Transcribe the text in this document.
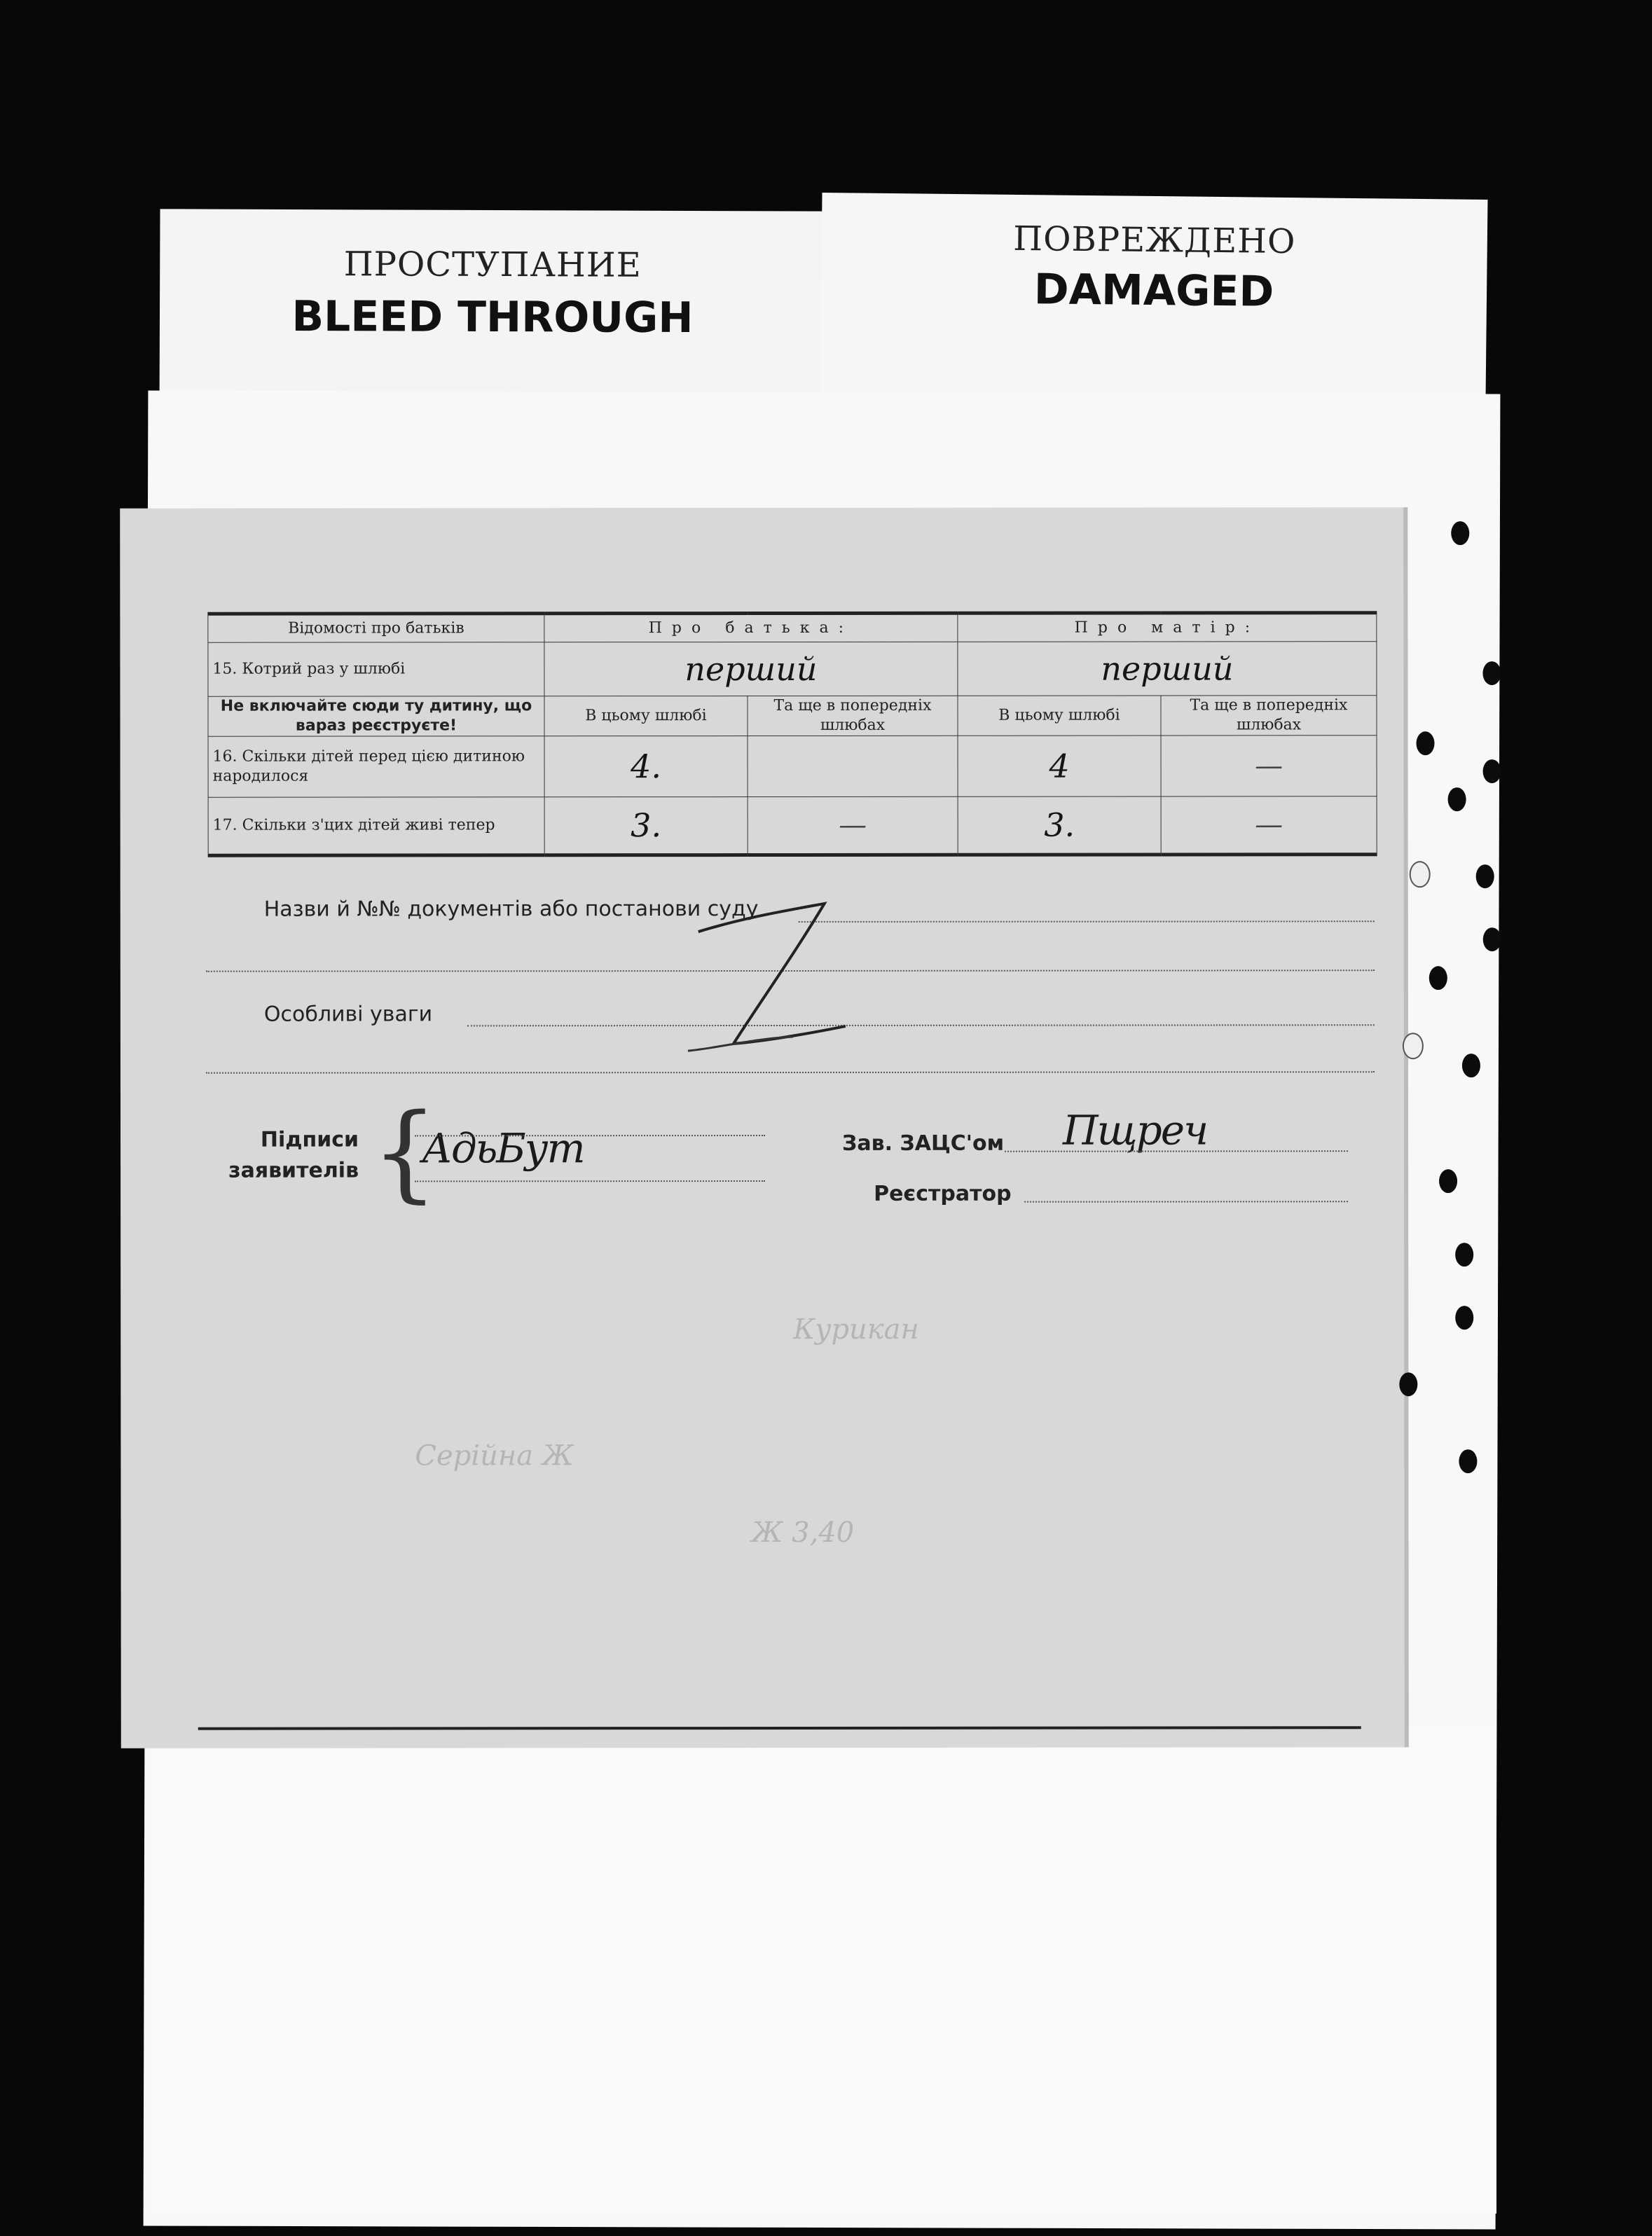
ПРОСТУПАНИЕ
BLEED THROUGH
ПОВРЕЖДЕНО
DAMAGED
Курикан
Серійна Ж
Ж 3,40
Відомості про батьків	Про батька:		Про матір:	
15. Котрий раз у шлюбі	перший		перший	
Не включайте сюди ту дитину, що вараз реєструєте!	В цьому шлюбі	Та ще в попередніх шлюбах	В цьому шлюбі	Та ще в попередніх шлюбах
16. Скільки дітей перед цією дитиною народилося	4.		4	—
17. Скільки з'цих дітей живі тепер	3.	—	3.	—
Назви й №№ документів або постанови суду
Особливі уваги
Підписи заявителів {
АдьБут	Зав. ЗАЦС'ом Пщреч
Реєстратор
